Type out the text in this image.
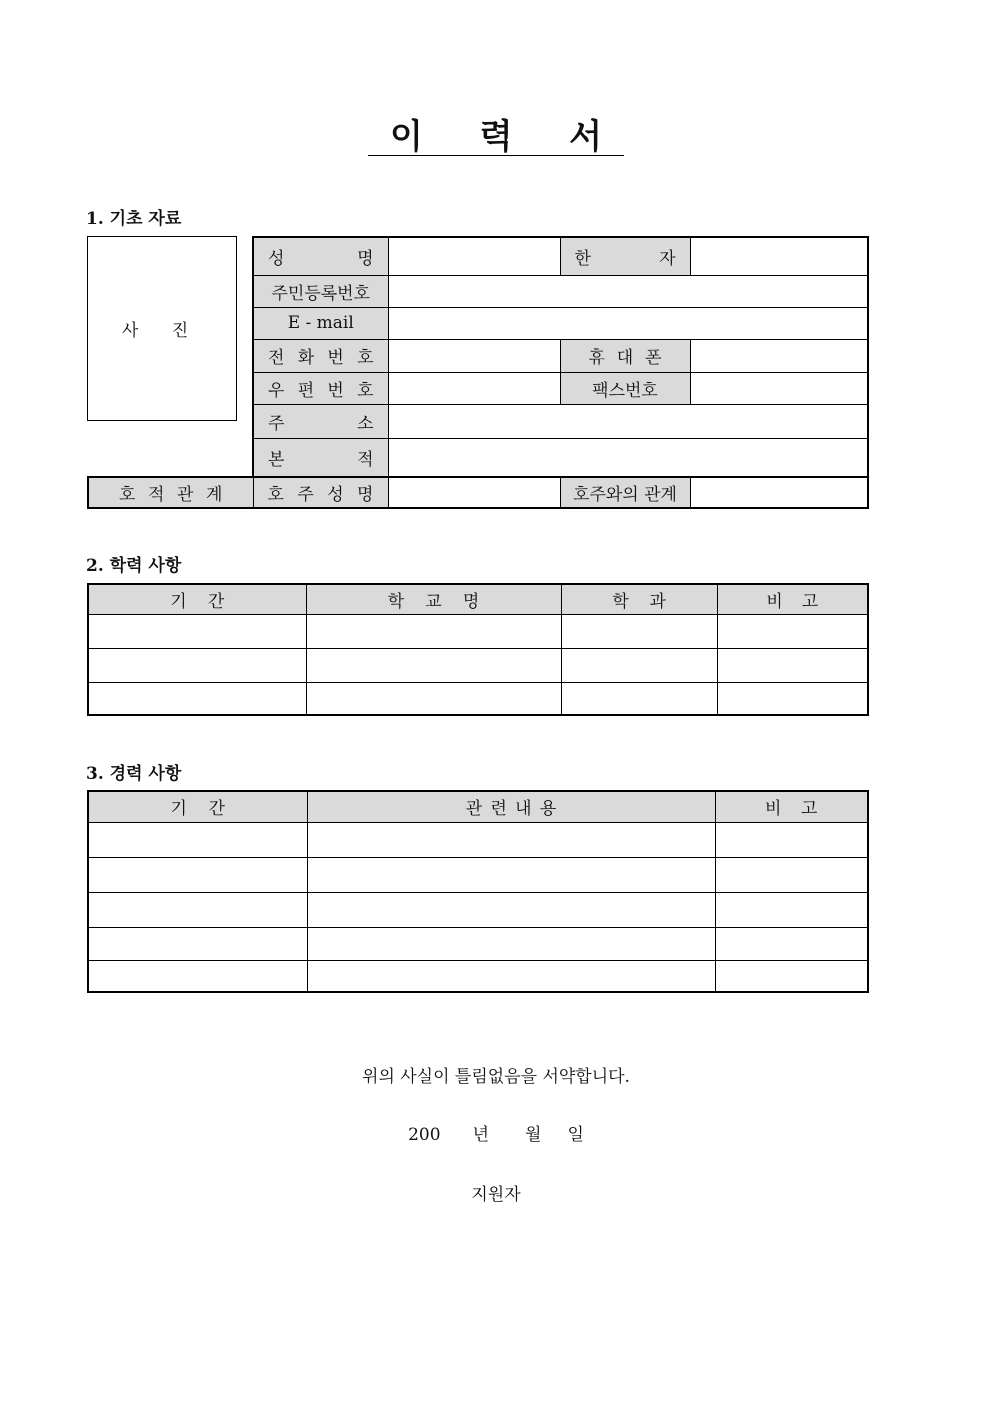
이 력 서
1. 기초 자료
사 진
성 명		한 자	

주민등록번호			
E - mail			

전 화 번 호		휴 대 폰	

우 편 번 호		팩스번호	

주 소			

본 적			

호 적 관 계	호 주 성 명		호주와의 관계	
2. 학력 사항
기 간	학 교 명	학 과	비 고

3. 경력 사항
기 간	관 련 내 용	비 고

위의 사실이 틀림없음을 서약합니다.
200 년 월 일
지원자
